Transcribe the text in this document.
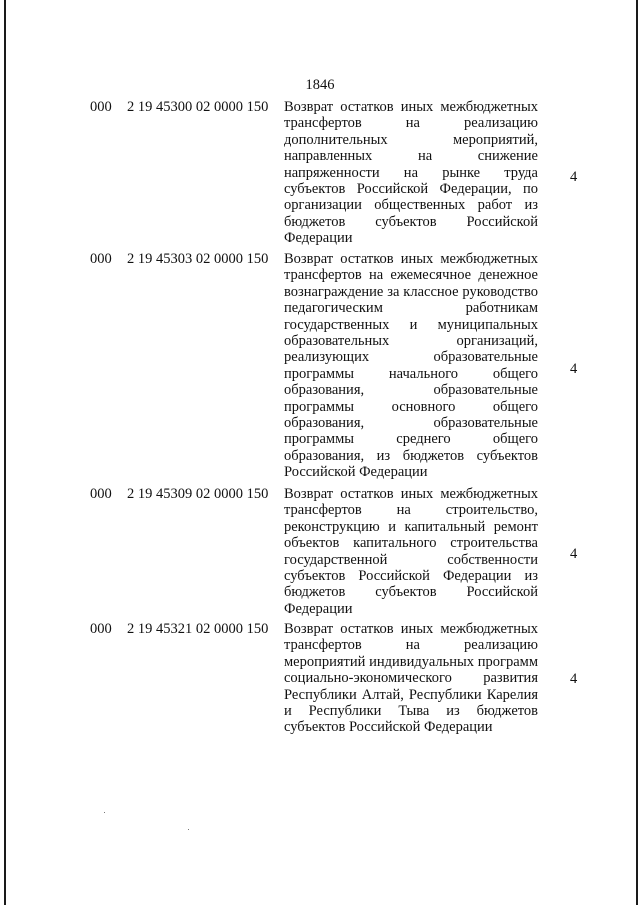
1846
000 2 19 45300 02 0000 150 Возврат остатков иных межбюджетных
трансфертов на реализацию
дополнительных мероприятий,
направленных на снижение
напряженности на рынке труда
субъектов Российской Федерации, по
организации общественных работ из
бюджетов субъектов Российской
Федерации
4
000 2 19 45303 02 0000 150 Возврат остатков иных межбюджетных
трансфертов на ежемесячное денежное
вознаграждение за классное руководство
педагогическим работникам
государственных и муниципальных
образовательных организаций,
реализующих образовательные
программы начального общего
образования, образовательные
программы основного общего
образования, образовательные
программы среднего общего
образования, из бюджетов субъектов
Российской Федерации
4
000 2 19 45309 02 0000 150 Возврат остатков иных межбюджетных
трансфертов на строительство,
реконструкцию и капитальный ремонт
объектов капитального строительства
государственной собственности
субъектов Российской Федерации из
бюджетов субъектов Российской
Федерации
4
000 2 19 45321 02 0000 150 Возврат остатков иных межбюджетных
трансфертов на реализацию
мероприятий индивидуальных программ
социально-экономического развития
Республики Алтай, Республики Карелия
и Республики Тыва из бюджетов
субъектов Российской Федерации
4
